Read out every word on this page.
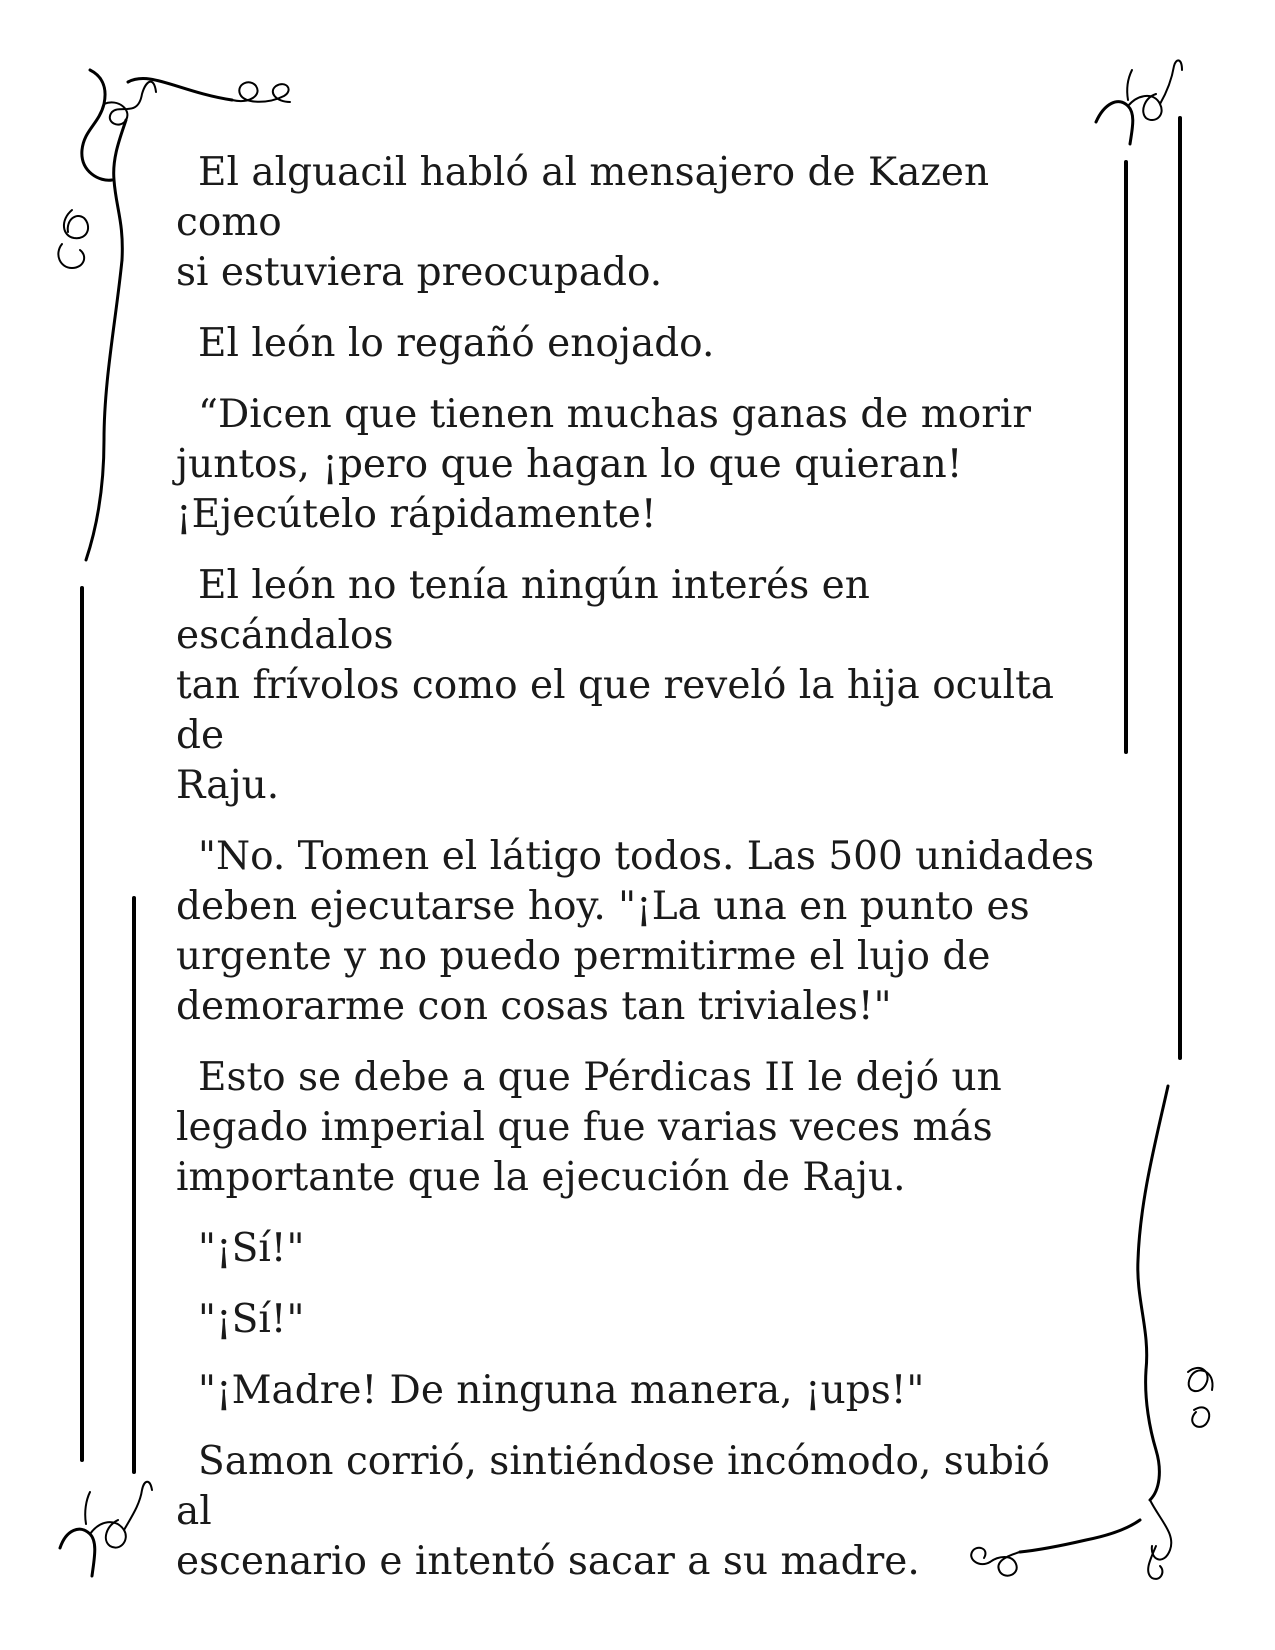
El alguacil habló al mensajero de Kazen como
si estuviera preocupado.

El león lo regañó enojado.

“Dicen que tienen muchas ganas de morir
juntos, ¡pero que hagan lo que quieran!
¡Ejecútelo rápidamente!

El león no tenía ningún interés en escándalos
tan frívolos como el que reveló la hija oculta de
Raju.

"No. Tomen el látigo todos. Las 500 unidades
deben ejecutarse hoy. "¡La una en punto es
urgente y no puedo permitirme el lujo de
demorarme con cosas tan triviales!"

Esto se debe a que Pérdicas II le dejó un
legado imperial que fue varias veces más
importante que la ejecución de Raju.

"¡Sí!"

"¡Sí!"

"¡Madre! De ninguna manera, ¡ups!"

Samon corrió, sintiéndose incómodo, subió al
escenario e intentó sacar a su madre.
